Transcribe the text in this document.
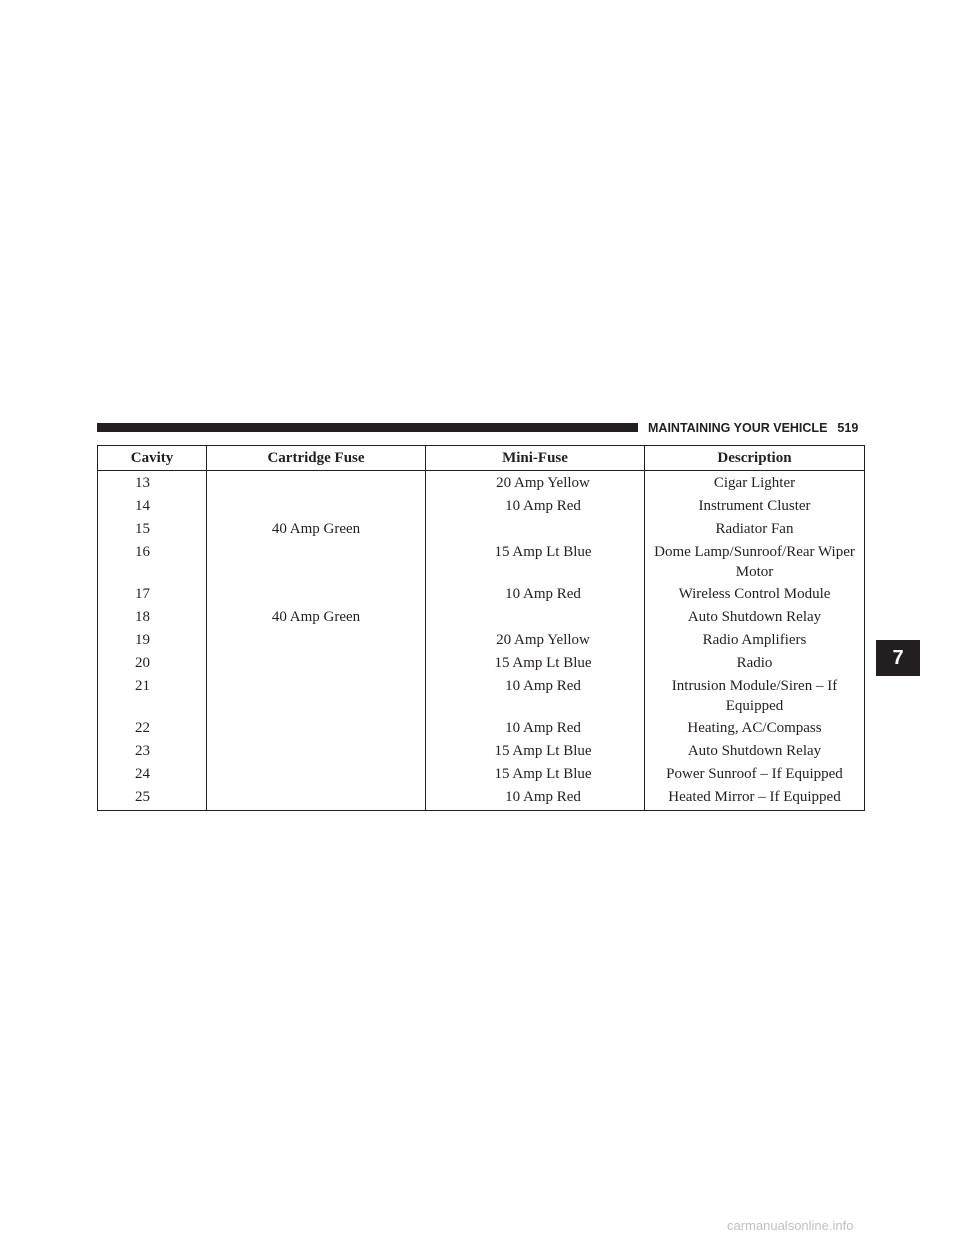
MAINTAINING YOUR VEHICLE 519
7
Cavity	Cartridge Fuse	Mini-Fuse	Description
13		20 Amp Yellow	Cigar Lighter
14		10 Amp Red	Instrument Cluster
15	40 Amp Green		Radiator Fan
16		15 Amp Lt Blue	Dome Lamp/Sunroof/Rear Wiper Motor
17		10 Amp Red	Wireless Control Module
18	40 Amp Green		Auto Shutdown Relay
19		20 Amp Yellow	Radio Amplifiers
20		15 Amp Lt Blue	Radio
21		10 Amp Red	Intrusion Module/Siren – If Equipped
22		10 Amp Red	Heating, AC/Compass
23		15 Amp Lt Blue	Auto Shutdown Relay
24		15 Amp Lt Blue	Power Sunroof – If Equipped
25		10 Amp Red	Heated Mirror – If Equipped
carmanualsonline.info
